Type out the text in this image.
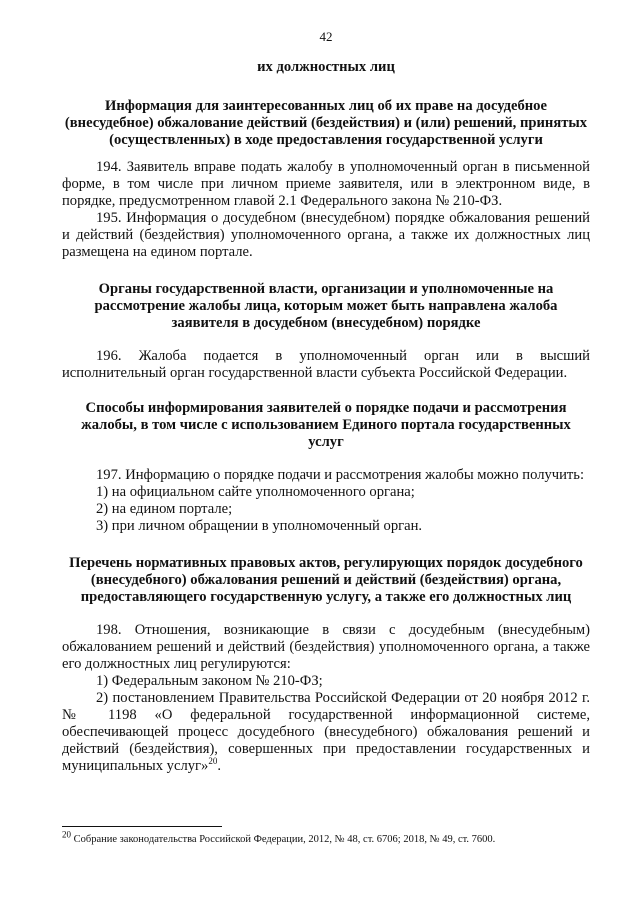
42
их должностных лиц
Информация для заинтересованных лиц об их праве на досудебное (внесудебное) обжалование действий (бездействия) и (или) решений, принятых (осуществленных) в ходе предоставления государственной услуги

194. Заявитель вправе подать жалобу в уполномоченный орган в письменной форме, в том числе при личном приеме заявителя, или в электронном виде, в порядке, предусмотренном главой 2.1 Федерального закона № 210-ФЗ.

195. Информация о досудебном (внесудебном) порядке обжалования решений и действий (бездействия) уполномоченного органа, а также их должностных лиц размещена на едином портале.

Органы государственной власти, организации и уполномоченные на рассмотрение жалобы лица, которым может быть направлена жалоба заявителя в досудебном (внесудебном) порядке

196. Жалоба подается в уполномоченный орган или в высший исполнительный орган государственной власти субъекта Российской Федерации.

Способы информирования заявителей о порядке подачи и рассмотрения жалобы, в том числе с использованием Единого портала государственных услуг

197. Информацию о порядке подачи и рассмотрения жалобы можно получить:

1) на официальном сайте уполномоченного органа;

2) на едином портале;

3) при личном обращении в уполномоченный орган.

Перечень нормативных правовых актов, регулирующих порядок досудебного (внесудебного) обжалования решений и действий (бездействия) органа, предоставляющего государственную услугу, а также его должностных лиц

198. Отношения, возникающие в связи с досудебным (внесудебным) обжалованием решений и действий (бездействия) уполномоченного органа, а также его должностных лиц регулируются:

1) Федеральным законом № 210-ФЗ;

2) постановлением Правительства Российской Федерации от 20 ноября 2012 г. № 1198 «О федеральной государственной информационной системе, обеспечивающей процесс досудебного (внесудебного) обжалования решений и действий (бездействия), совершенных при предоставлении государственных и муниципальных услуг»$^{20}$.

$^{20}$ Собрание законодательства Российской Федерации, 2012, № 48, ст. 6706; 2018, № 49, ст. 7600.
